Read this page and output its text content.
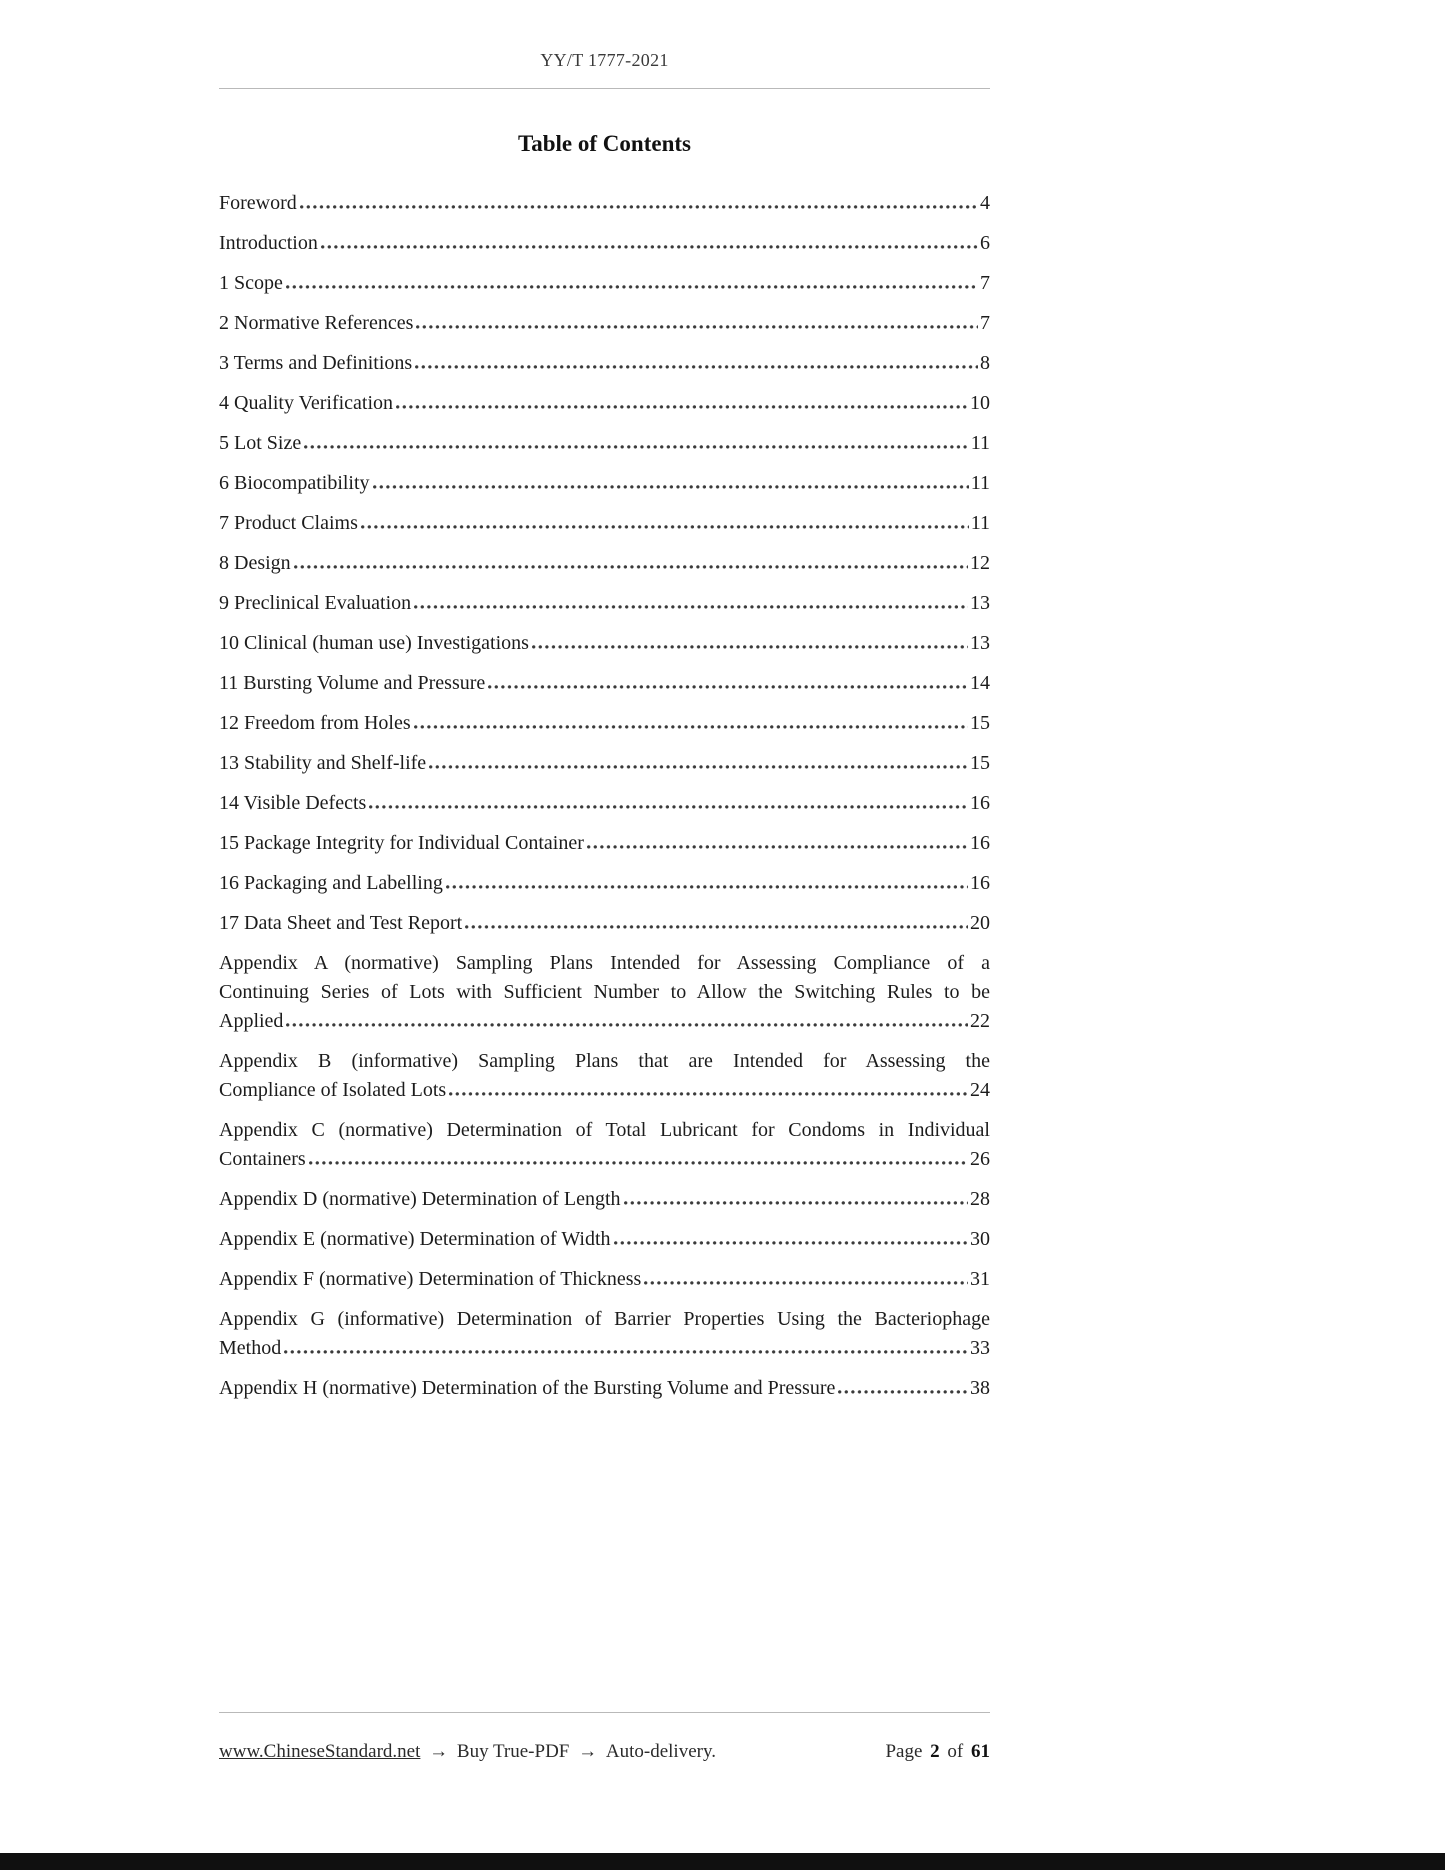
YY/T 1777-2021
Table of Contents
Foreword	4
Introduction	6
1 Scope	7
2 Normative References	7
3 Terms and Definitions	8
4 Quality Verification	10
5 Lot Size	11
6 Biocompatibility	11
7 Product Claims	11
8 Design	12
9 Preclinical Evaluation	13
10 Clinical (human use) Investigations	13
11 Bursting Volume and Pressure	14
12 Freedom from Holes	15
13 Stability and Shelf-life	15
14 Visible Defects	16
15 Package Integrity for Individual Container	16
16 Packaging and Labelling	16
17 Data Sheet and Test Report	20
Appendix A (normative) Sampling Plans Intended for Assessing Compliance of a
Continuing Series of Lots with Sufficient Number to Allow the Switching Rules to be
Applied	22
Appendix B (informative) Sampling Plans that are Intended for Assessing the
Compliance of Isolated Lots	24
Appendix C (normative) Determination of Total Lubricant for Condoms in Individual
Containers	26
Appendix D (normative) Determination of Length	28
Appendix E (normative) Determination of Width	30
Appendix F (normative) Determination of Thickness	31
Appendix G (informative) Determination of Barrier Properties Using the Bacteriophage
Method	33
Appendix H (normative) Determination of the Bursting Volume and Pressure	38
www.ChineseStandard.net → Buy True-PDF → Auto-delivery.	Page 2 of 61
